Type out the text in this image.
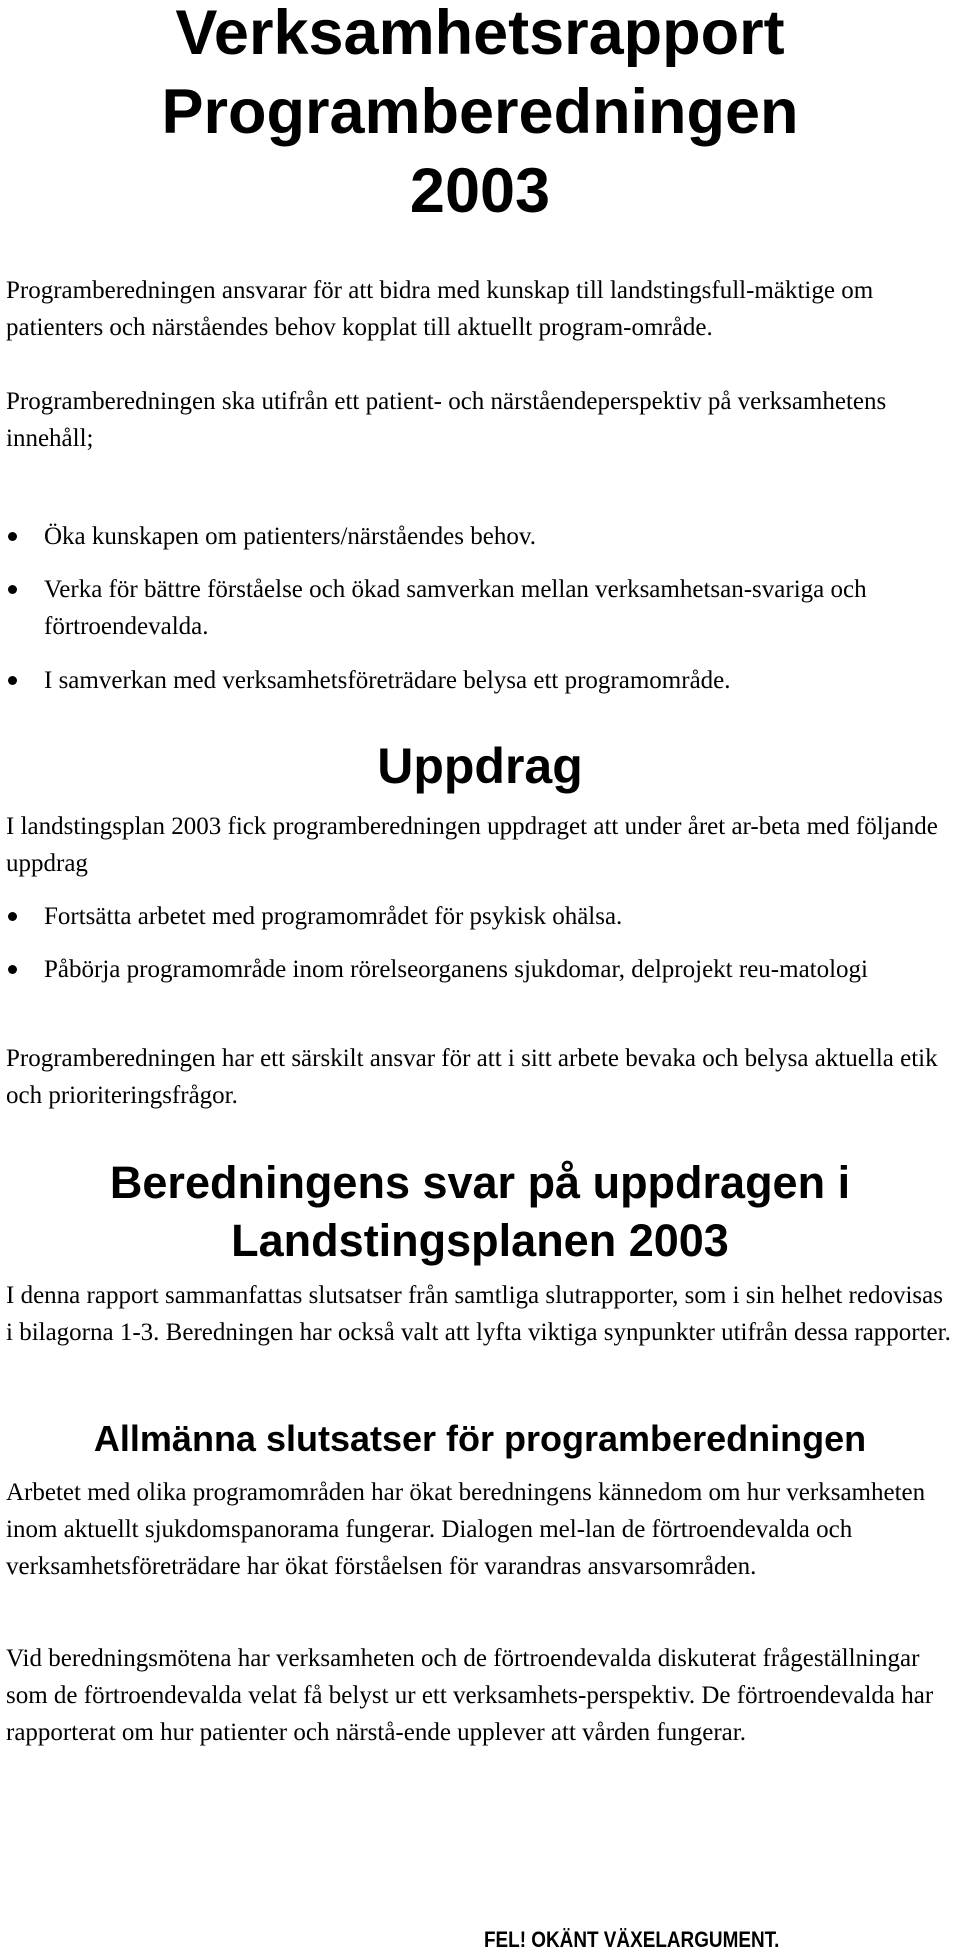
Verksamhetsrapport
Programberedningen
2003

Programberedningen ansvarar för att bidra med kunskap till landstingsfull-mäktige om patienters och närståendes behov kopplat till aktuellt program-område.

Programberedningen ska utifrån ett patient- och närståendeperspektiv på verksamhetens innehåll;

Öka kunskapen om patienters/närståendes behov.
Verka för bättre förståelse och ökad samverkan mellan verksamhetsan-svariga och förtroendevalda.
I samverkan med verksamhetsföreträdare belysa ett programområde.
Uppdrag

I landstingsplan 2003 fick programberedningen uppdraget att under året ar-beta med följande uppdrag

Fortsätta arbetet med programområdet för psykisk ohälsa.
Påbörja programområde inom rörelseorganens sjukdomar, delprojekt reu-matologi

Programberedningen har ett särskilt ansvar för att i sitt arbete bevaka och belysa aktuella etik och prioriteringsfrågor.

Beredningens svar på uppdragen i
Landstingsplanen 2003

I denna rapport sammanfattas slutsatser från samtliga slutrapporter, som i sin helhet redovisas i bilagorna 1-3. Beredningen har också valt att lyfta viktiga synpunkter utifrån dessa rapporter.

Allmänna slutsatser för programberedningen

Arbetet med olika programområden har ökat beredningens kännedom om hur verksamheten inom aktuellt sjukdomspanorama fungerar. Dialogen mel-lan de förtroendevalda och verksamhetsföreträdare har ökat förståelsen för varandras ansvarsområden.

Vid beredningsmötena har verksamheten och de förtroendevalda diskuterat frågeställningar som de förtroendevalda velat få belyst ur ett verksamhets-perspektiv. De förtroendevalda har rapporterat om hur patienter och närstå-ende upplever att vården fungerar.

FEL! OKÄNT VÄXELARGUMENT.
